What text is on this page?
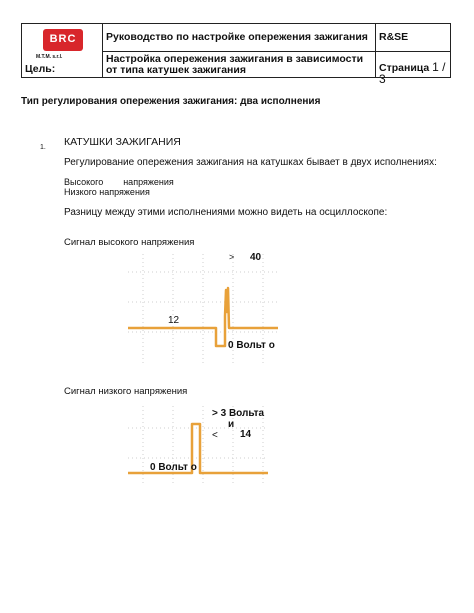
BRC
M.T.M. s.r.l.
Цель:
Руководство по настройке опережения зажигания R&SE
Настройка опережения зажигания в зависимости от типа катушек зажигания	Страница 1 / 3
Тип регулирования опережения зажигания: два исполнения
1. КАТУШКИ ЗАЖИГАНИЯ
Регулирование опережения зажигания на катушках бывает в двух исполнениях:
Высокого        напряжения
Низкого напряжения
Разницу между этими исполнениями можно видеть на осциллоскопе:
Сигнал высокого напряжения
> 40
12
0 Вольт о
Сигнал низкого напряжения
> 3 Вольта
и
< 14
0 Вольт о
